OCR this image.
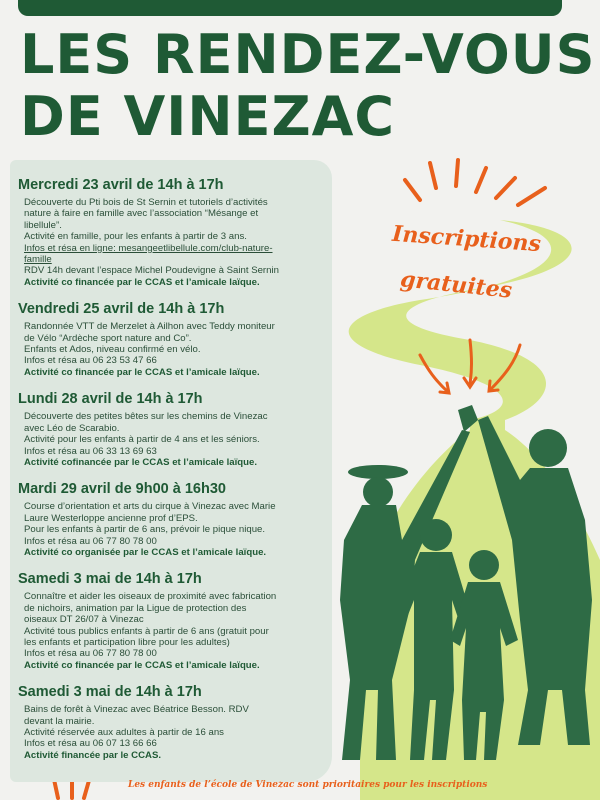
LES RENDEZ-VOUS
DE VINEZAC
Inscriptions
gratuites
Mercredi 23 avril de 14h à 17h
Découverte du Pti bois de St Sernin et tutoriels d’activités
nature à faire en famille avec l’association “Mésange et
libellule”.
Activité en famille, pour les enfants à partir de 3 ans.
Infos et résa en ligne: mesangeetlibellule.com/club-nature-
famille
RDV 14h devant l’espace Michel Poudevigne à Saint Sernin
Activité co financée par le CCAS et l’amicale laïque.
Vendredi 25 avril de 14h à 17h
Randonnée VTT de Merzelet à Ailhon avec Teddy moniteur
de Vélo “Ardèche sport nature and Co”.
Enfants et Ados, niveau confirmé en vélo.
Infos et résa au 06 23 53 47 66
Activité co financée par le CCAS et l’amicale laïque.
Lundi 28 avril de 14h à 17h
Découverte des petites bêtes sur les chemins de Vinezac
avec Léo de Scarabio.
Activité pour les enfants à partir de 4 ans et les séniors.
Infos et résa au 06 33 13 69 63
Activité cofinancée par le CCAS et l’amicale laïque.
Mardi 29 avril de 9h00 à 16h30
Course d’orientation et arts du cirque à Vinezac avec Marie
Laure Westerloppe ancienne prof d’EPS.
Pour les enfants à partir de 6 ans, prévoir le pique nique.
Infos et résa au 06 77 80 78 00
Activité co organisée par le CCAS et l’amicale laïque.
Samedi 3 mai de 14h à 17h
Connaître et aider les oiseaux de proximité avec fabrication
de nichoirs, animation par la Ligue de protection des
oiseaux DT 26/07 à Vinezac
Activité tous publics enfants à partir de 6 ans (gratuit pour
les enfants et participation libre pour les adultes)
Infos et résa au 06 77 80 78 00
Activité co financée par le CCAS et l’amicale laïque.
Samedi 3 mai de 14h à 17h
Bains de forêt à Vinezac avec Béatrice Besson. RDV
devant la mairie.
Activité réservée aux adultes à partir de 16 ans
Infos et résa au 06 07 13 66 66
Activité financée par le CCAS.
Les enfants de l’école de Vinezac sont prioritaires pour les inscriptions
